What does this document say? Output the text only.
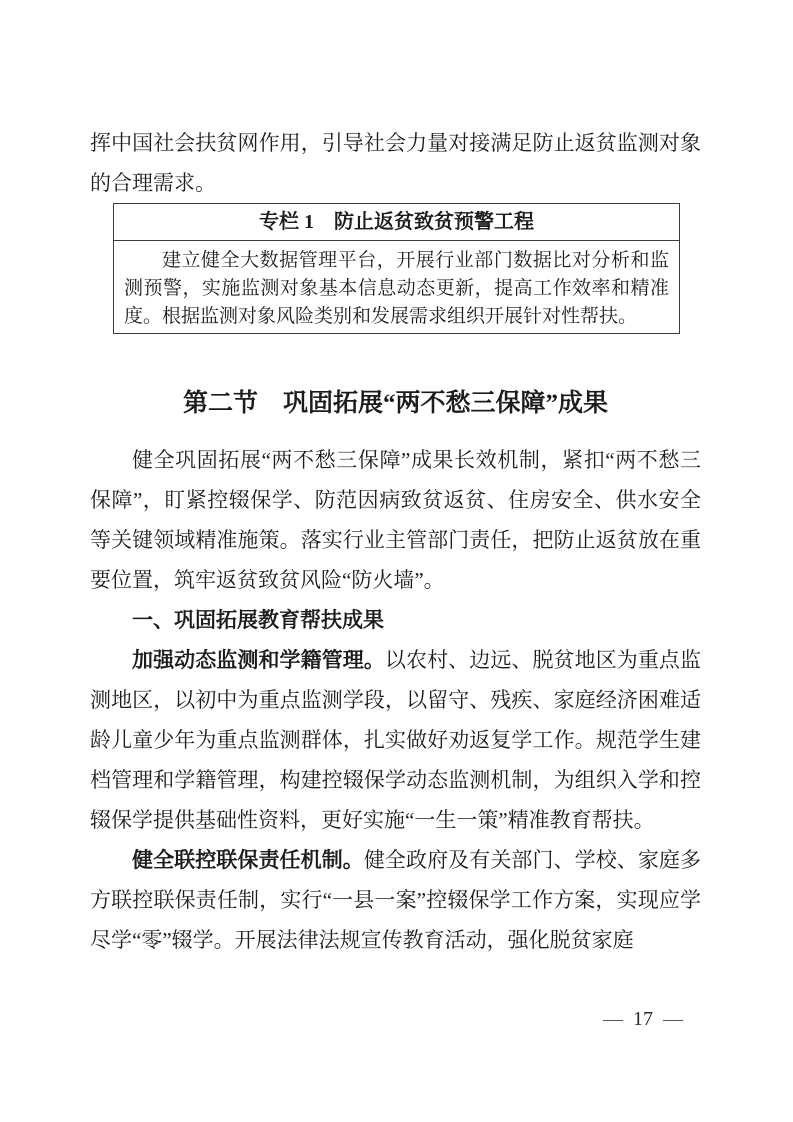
挥中国社会扶贫网作用，引导社会力量对接满足防止返贫监测对象的合理需求。

专栏 1　防止返贫致贫预警工程

建立健全大数据管理平台，开展行业部门数据比对分析和监测预警，实施监测对象基本信息动态更新，提高工作效率和精准度。根据监测对象风险类别和发展需求组织开展针对性帮扶。

第二节　巩固拓展“两不愁三保障”成果

健全巩固拓展“两不愁三保障”成果长效机制，紧扣“两不愁三保障”，盯紧控辍保学、防范因病致贫返贫、住房安全、供水安全等关键领域精准施策。落实行业主管部门责任，把防止返贫放在重要位置，筑牢返贫致贫风险“防火墙”。

一、巩固拓展教育帮扶成果

加强动态监测和学籍管理。以农村、边远、脱贫地区为重点监测地区，以初中为重点监测学段，以留守、残疾、家庭经济困难适龄儿童少年为重点监测群体，扎实做好劝返复学工作。规范学生建档管理和学籍管理，构建控辍保学动态监测机制，为组织入学和控辍保学提供基础性资料，更好实施“一生一策”精准教育帮扶。

健全联控联保责任机制。健全政府及有关部门、学校、家庭多方联控联保责任制，实行“一县一案”控辍保学工作方案，实现应学尽学“零”辍学。开展法律法规宣传教育活动，强化脱贫家庭

— 17 —
